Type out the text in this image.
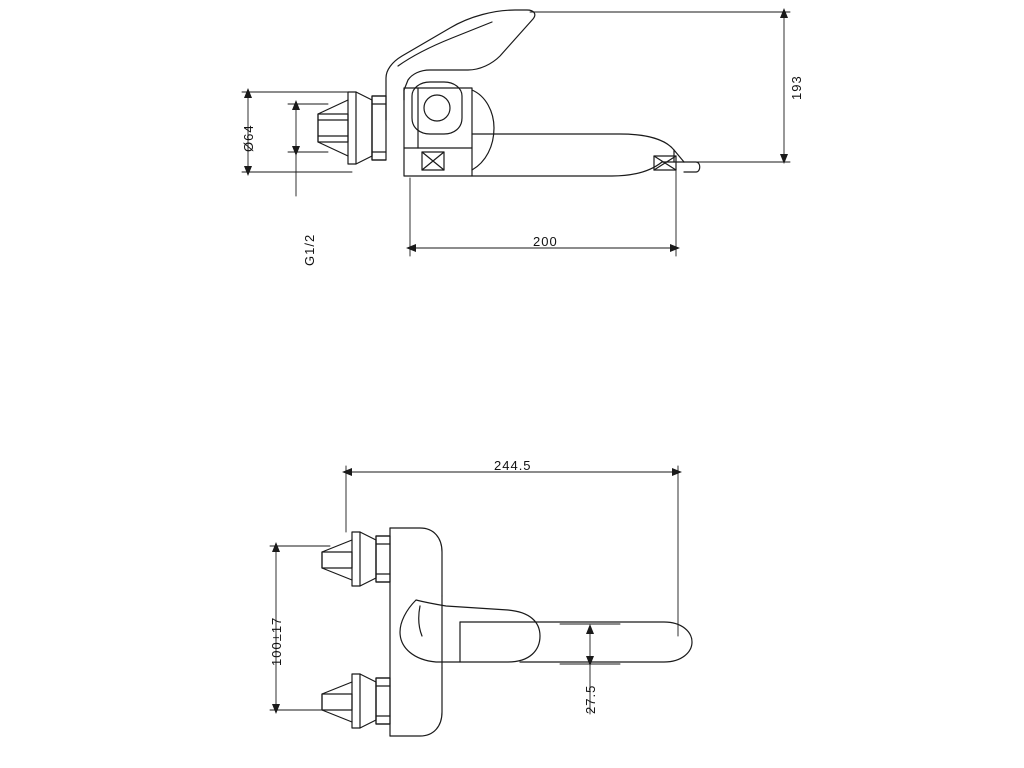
193
200
Ø64
G1/2
244.5
100±17
27.5
